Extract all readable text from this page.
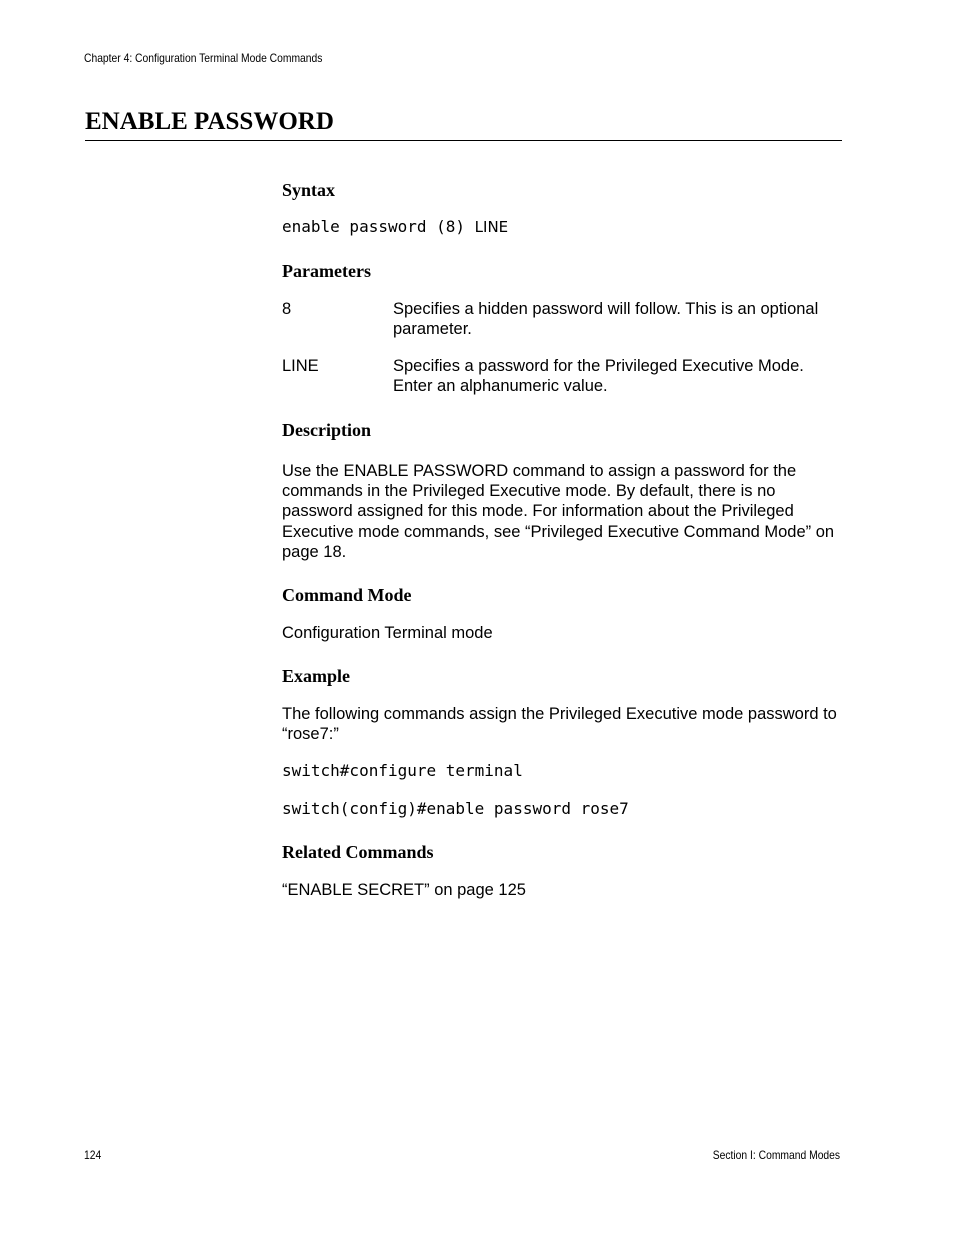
Chapter 4: Configuration Terminal Mode Commands
ENABLE PASSWORD
Syntax
enable password (8) LINE
Parameters
8	Specifies a hidden password will follow. This is an optional parameter.
LINE	Specifies a password for the Privileged Executive Mode. Enter an alphanumeric value.
Description
Use the ENABLE PASSWORD command to assign a password for the commands in the Privileged Executive mode. By default, there is no password assigned for this mode. For information about the Privileged Executive mode commands, see “Privileged Executive Command Mode” on page 18.
Command Mode
Configuration Terminal mode
Example
The following commands assign the Privileged Executive mode password to “rose7:”
switch#configure terminal
switch(config)#enable password rose7
Related Commands
“ENABLE SECRET” on page 125
124	Section I: Command Modes
